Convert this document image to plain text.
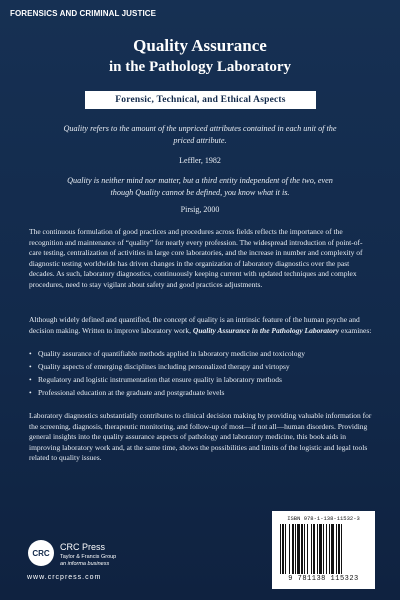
FORENSICS AND CRIMINAL JUSTICE
Quality Assurance
in the Pathology Laboratory
Forensic, Technical, and Ethical Aspects
Quality refers to the amount of the unpriced attributes contained in each unit of the priced attribute.
Leffler, 1982
Quality is neither mind nor matter, but a third entity independent of the two, even though Quality cannot be defined, you know what it is.
Pirsig, 2000

The continuous formulation of good practices and procedures across fields reflects the importance of the recognition and maintenance of “quality” for nearly every profession. The widespread introduction of point-of-care testing, centralization of activities in large core laboratories, and the increase in number and complexity of diagnostic testing worldwide has driven changes in the organization of laboratory diagnostics over the past decades. As such, laboratory diagnostics, continuously keeping current with updated techniques and complex procedures, need to stay vigilant about safety and good practices adjustments.

Although widely defined and quantified, the concept of quality is an intrinsic feature of the human psyche and decision making. Written to improve laboratory work, Quality Assurance in the Pathology Laboratory examines:

• Quality assurance of quantifiable methods applied in laboratory medicine and toxicology
• Quality aspects of emerging disciplines including personalized therapy and virtopsy
• Regulatory and logistic instrumentation that ensure quality in laboratory methods
• Professional education at the graduate and postgraduate levels

Laboratory diagnostics substantially contributes to clinical decision making by providing valuable information for the screening, diagnosis, therapeutic monitoring, and follow-up of most—if not all—human disorders. Providing general insights into the quality assurance aspects of pathology and laboratory medicine, this book aids in improving laboratory work and, at the same time, shows the possibilities and limits of the logistic and legal tools related to quality issues.

CRC
CRC Press
Taylor & Francis Group
an informa business
www.crcpress.com
ISBN 978-1-138-11532-3
9 781138 115323
